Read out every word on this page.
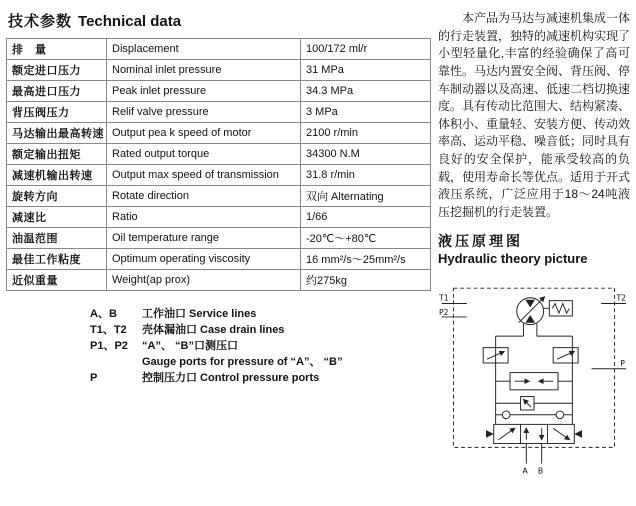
技术参数 Technical data
排　量	Displacement	100/172 ml/r
额定进口压力	Nominal inlet pressure	31 MPa
最高进口压力	Peak inlet pressure	34.3 MPa
背压阀压力	Relif valve pressure	3 MPa
马达输出最高转速	Output pea k speed of motor	2100 r/min
额定输出扭矩	Rated output torque	34300 N.M
减速机输出转速	Output max speed of transmission	31.8 r/min
旋转方向	Rotate direction	双向 Alternating
减速比	Ratio	1/66
油温范围	Oil temperature range	-20℃～+80℃
最佳工作粘度	Optimum operating viscosity	16 mm²/s～25mm²/s
近似重量	Weight(ap prox)	约275kg
A、B	工作油口 Service lines
T1、T2	壳体漏油口 Case drain lines
P1、P2	“A”、 “B”口测压口
Gauge ports for pressure of “A”、 “B”
P	控制压力口 Control pressure ports

本产品为马达与减速机集成一体的行走装置，独特的减速机构实现了小型轻量化,丰富的经验确保了高可靠性。马达内置安全阀、背压阀、停车制动器以及高速、低速二档切换速度。具有传动比范围大、结构紧凑、体积小、重量轻、安装方便、传动效率高、运动平稳、噪音低；同时具有良好的安全保护，能承受较高的负载，使用寿命长等优点。适用于开式液压系统，广泛应用于18～24吨液压挖掘机的行走装置。

液压原理图
Hydraulic theory picture
T1
P2
T2
P
A B
